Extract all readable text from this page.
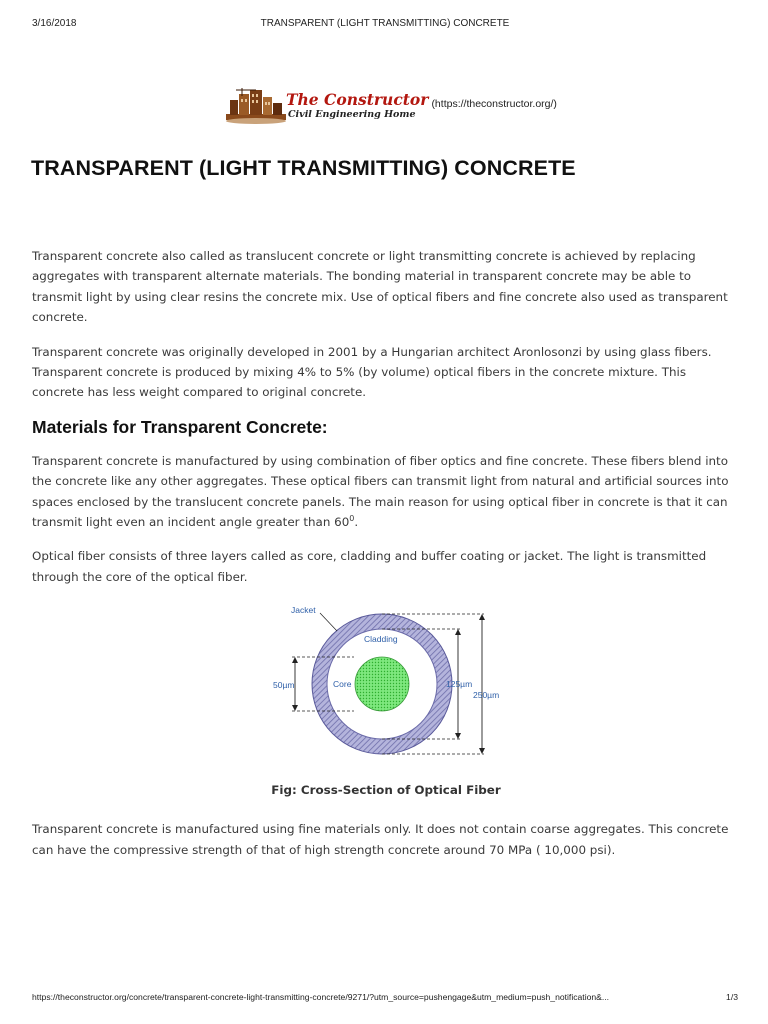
3/16/2018	TRANSPARENT (LIGHT TRANSMITTING) CONCRETE
The Constructor
Civil Engineering Home
(https://theconstructor.org/)
TRANSPARENT (LIGHT TRANSMITTING) CONCRETE

Transparent concrete also called as translucent concrete or light transmitting concrete is achieved by replacing aggregates with transparent alternate materials. The bonding material in transparent concrete may be able to transmit light by using clear resins the concrete mix. Use of optical fibers and fine concrete also used as transparent concrete.

Transparent concrete was originally developed in 2001 by a Hungarian architect Aronlosonzi by using glass fibers. Transparent concrete is produced by mixing 4% to 5% (by volume) optical fibers in the concrete mixture. This concrete has less weight compared to original concrete.

Materials for Transparent Concrete:

Transparent concrete is manufactured by using combination of fiber optics and fine concrete. These fibers blend into the concrete like any other aggregates. These optical fibers can transmit light from natural and artificial sources into spaces enclosed by the translucent concrete panels. The main reason for using optical fiber in concrete is that it can transmit light even an incident angle greater than $60^0$.

Optical fiber consists of three layers called as core, cladding and buffer coating or jacket. The light is transmitted through the core of the optical fiber.

Jacket
Cladding
Core
50µm	125µm
250µm

Fig: Cross-Section of Optical Fiber

Transparent concrete is manufactured using fine materials only. It does not contain coarse aggregates. This concrete can have the compressive strength of that of high strength concrete around 70 MPa ( 10,000 psi).

https://theconstructor.org/concrete/transparent-concrete-light-transmitting-concrete/9271/?utm_source=pushengage&utm_medium=push_notification&...	1/3
